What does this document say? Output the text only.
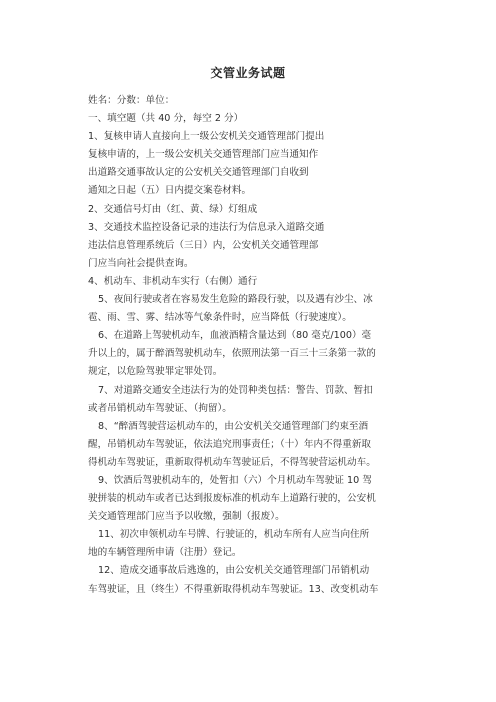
交管业务试题
姓名：分数：单位：
一、填空题（共 40 分，每空 2 分）
1、复核申请人直接向上一级公安机关交通管理部门提出
复核申请的，上一级公安机关交通管理部门应当通知作
出道路交通事故认定的公安机关交通管理部门自收到
通知之日起（五）日内提交案卷材料。
2、交通信号灯由（红、黄、绿）灯组成
3、交通技术监控设备记录的违法行为信息录入道路交通
违法信息管理系统后（三日）内，公安机关交通管理部
门应当向社会提供查询。
4、机动车、非机动车实行（右侧）通行
5、夜间行驶或者在容易发生危险的路段行驶，以及遇有沙尘、冰
雹、雨、雪、雾、结冰等气象条件时，应当降低（行驶速度）。
6、在道路上驾驶机动车，血液酒精含量达到（80 毫克/100）毫
升以上的，属于醉酒驾驶机动车，依照刑法第一百三十三条第一款的
规定，以危险驾驶罪定罪处罚。
7、对道路交通安全违法行为的处罚种类包括：警告、罚款、暂扣
或者吊销机动车驾驶证、（拘留）。
8、“醉酒驾驶营运机动车的，由公安机关交通管理部门约束至酒
醒，吊销机动车驾驶证，依法追究刑事责任；（十）年内不得重新取
得机动车驾驶证，重新取得机动车驾驶证后，不得驾驶营运机动车。
9、饮酒后驾驶机动车的，处暂扣（六）个月机动车驾驶证 10 驾
驶拼装的机动车或者已达到报废标准的机动车上道路行驶的，公安机
关交通管理部门应当予以收缴，强制（报废）。
11、初次申领机动车号牌、行驶证的，机动车所有人应当向住所
地的车辆管理所申请（注册）登记。
12、造成交通事故后逃逸的，由公安机关交通管理部门吊销机动
车驾驶证，且（终生）不得重新取得机动车驾驶证。13、改变机动车
